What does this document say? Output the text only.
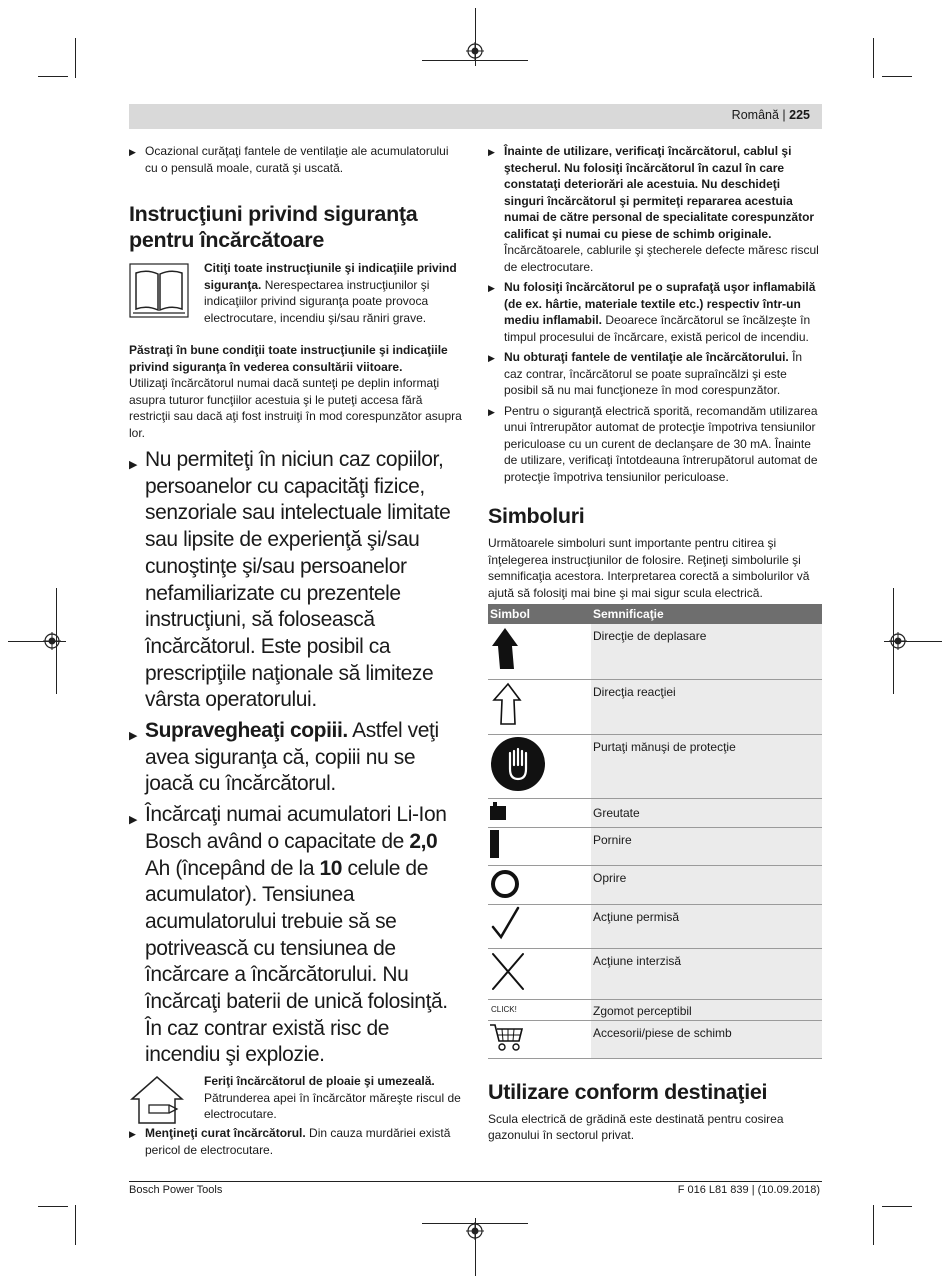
Română | 225

▶ Ocazional curăţaţi fantele de ventilaţie ale acumulatorului cu o pensulă moale, curată şi uscată.

Instrucţiuni privind siguranţa pentru încărcătoare

Citiţi toate instrucţiunile şi indicaţiile privind siguranţa. Nerespectarea instrucţiunilor şi indicaţiilor privind siguranţa poate provoca electrocutare, incendiu şi/sau răniri grave.

Păstraţi în bune condiţii toate instrucţiunile şi indicaţiile privind siguranţa în vederea consultării viitoare.

Utilizaţi încărcătorul numai dacă sunteţi pe deplin informaţi asupra tuturor funcţiilor acestuia şi le puteţi accesa fără restricţii sau dacă aţi fost instruiţi în mod corespunzător asupra lor.

▶ Nu permiteţi în niciun caz copiilor, persoanelor cu capacităţi fizice, senzoriale sau intelectuale limitate sau lipsite de experienţă şi/sau cunoştinţe şi/sau persoanelor nefamiliarizate cu prezentele instrucţiuni, să folosească încărcătorul. Este posibil ca prescripţiile naţionale să limiteze vârsta operatorului.

▶ Supravegheaţi copiii. Astfel veţi avea siguranţa că, copiii nu se joacă cu încărcătorul.

▶ Încărcaţi numai acumulatori Li-Ion Bosch având o capacitate de 2,0 Ah (începând de la 10 celule de acumulator). Tensiunea acumulatorului trebuie să se potrivească cu tensiunea de încărcare a încărcătorului. Nu încărcaţi baterii de unică folosinţă. În caz contrar există risc de incendiu şi explozie.

Feriţi încărcătorul de ploaie şi umezeală.
Pătrunderea apei în încărcător măreşte riscul de electrocutare.

▶ Menţineţi curat încărcătorul. Din cauza murdăriei există pericol de electrocutare.

▶ Înainte de utilizare, verificaţi încărcătorul, cablul şi ştecherul. Nu folosiţi încărcătorul în cazul în care constataţi deteriorări ale acestuia. Nu deschideţi singuri încărcătorul şi permiteţi repararea acestuia numai de către personal de specialitate corespunzător calificat şi numai cu piese de schimb originale. Încărcătoarele, cablurile şi ştecherele defecte măresc riscul de electrocutare.

▶ Nu folosiţi încărcătorul pe o suprafaţă uşor inflamabilă (de ex. hârtie, materiale textile etc.) respectiv într-un mediu inflamabil. Deoarece încărcătorul se încălzeşte în timpul procesului de încărcare, există pericol de incendiu.

▶ Nu obturaţi fantele de ventilaţie ale încărcătorului. În caz contrar, încărcătorul se poate supraîncălzi şi este posibil să nu mai funcţioneze în mod corespunzător.

▶ Pentru o siguranţă electrică sporită, recomandăm utilizarea unui întrerupător automat de protecţie împotriva tensiunilor periculoase cu un curent de declanşare de 30 mA. Înainte de utilizare, verificaţi întotdeauna întrerupătorul automat de protecţie împotriva tensiunilor periculoase.

Simboluri

Următoarele simboluri sunt importante pentru citirea şi înţelegerea instrucţiunilor de folosire. Reţineţi simbolurile şi semnificaţia acestora. Interpretarea corectă a simbolurilor vă ajută să folosiţi mai bine şi mai sigur scula electrică.

Simbol	Semnificaţie
	Direcţie de deplasare
	Direcţia reacţiei
	Purtaţi mănuşi de protecţie
	Greutate
	Pornire
	Oprire
	Acţiune permisă
	Acţiune interzisă
CLICK!	Zgomot perceptibil
	Accesorii/piese de schimb
Utilizare conform destinaţiei

Scula electrică de grădină este destinată pentru cosirea gazonului în sectorul privat.

Bosch Power Tools	F 016 L81 839 | (10.09.2018)
